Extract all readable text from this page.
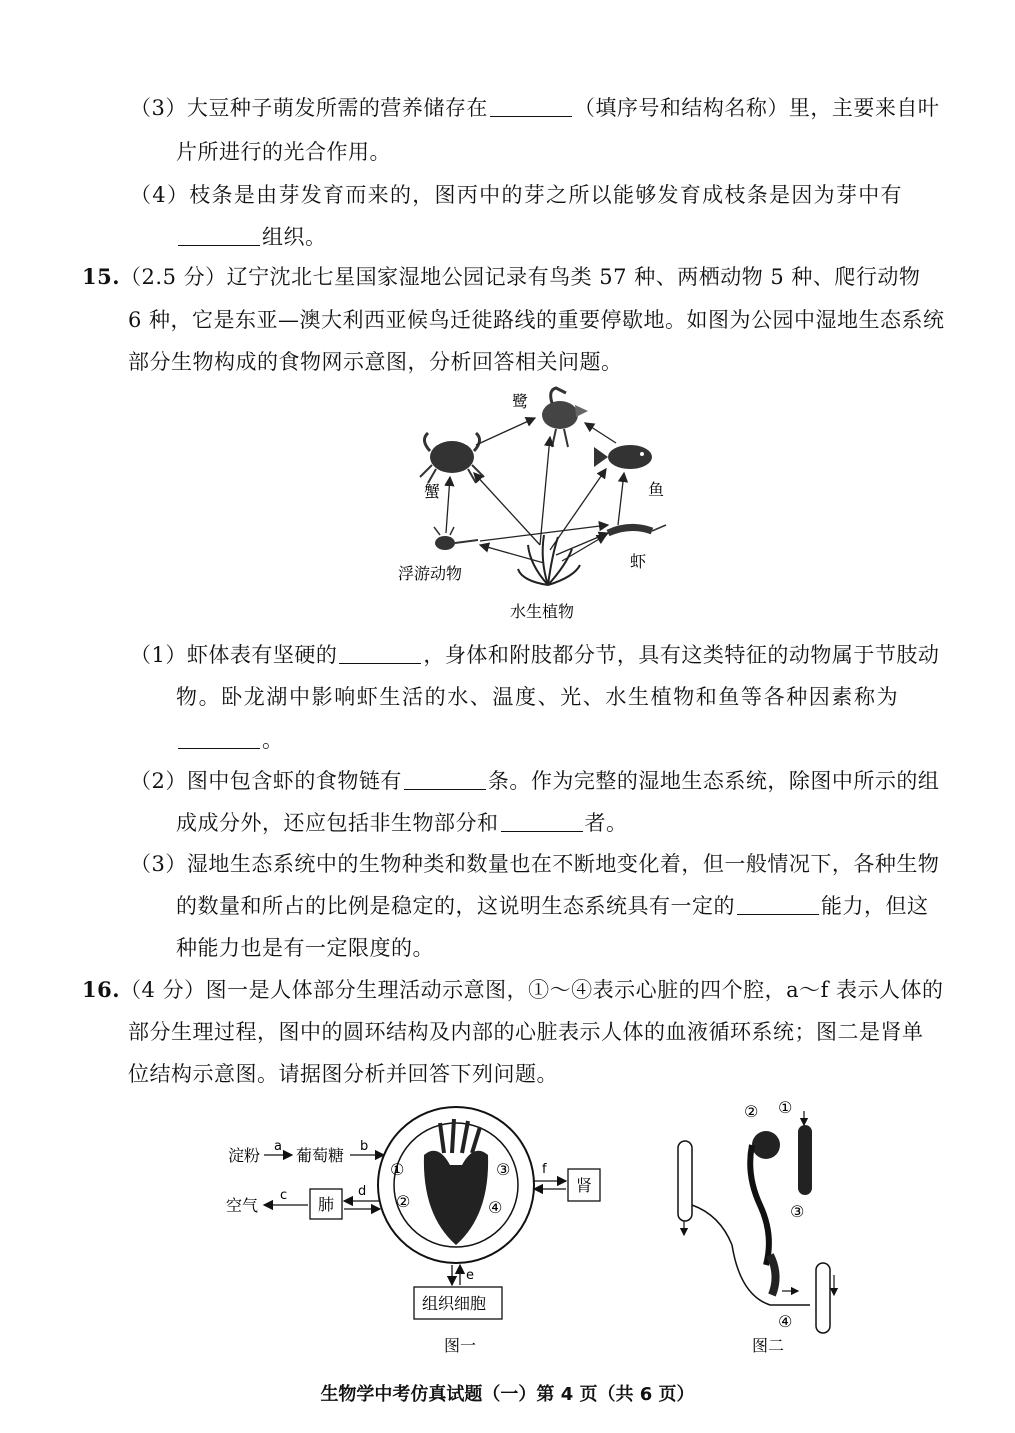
（3）大豆种子萌发所需的营养储存在	（填序号和结构名称）里，主要来自叶
片所进行的光合作用。
（4）枝条是由芽发育而来的，图丙中的芽之所以能够发育成枝条是因为芽中有
组织。
15.（2.5 分）辽宁沈北七星国家湿地公园记录有鸟类 57 种、两栖动物 5 种、爬行动物
6 种，它是东亚—澳大利西亚候鸟迁徙路线的重要停歇地。如图为公园中湿地生态系统
部分生物构成的食物网示意图，分析回答相关问题。
鹭
蟹	鱼
浮游动物
虾
水生植物
（1）虾体表有坚硬的	，身体和附肢都分节，具有这类特征的动物属于节肢动
物。卧龙湖中影响虾生活的水、温度、光、水生植物和鱼等各种因素称为
。
（2）图中包含虾的食物链有	条。作为完整的湿地生态系统，除图中所示的组
成成分外，还应包括非生物部分和	者。
（3）湿地生态系统中的生物种类和数量也在不断地变化着，但一般情况下，各种生物
的数量和所占的比例是稳定的，这说明生态系统具有一定的	能力，但这
种能力也是有一定限度的。
16.（4 分）图一是人体部分生理活动示意图，①～④表示心脏的四个腔，a～f 表示人体的
部分生理过程，图中的圆环结构及内部的心脏表示人体的血液循环系统；图二是肾单
位结构示意图。请据图分析并回答下列问题。
淀粉 a 葡萄糖 b
空气
c 肺
d
①
②
③
④
f
肾
e
组织细胞
图一
② ①
③
④
图二
生物学中考仿真试题（一）第 4 页（共 6 页）
